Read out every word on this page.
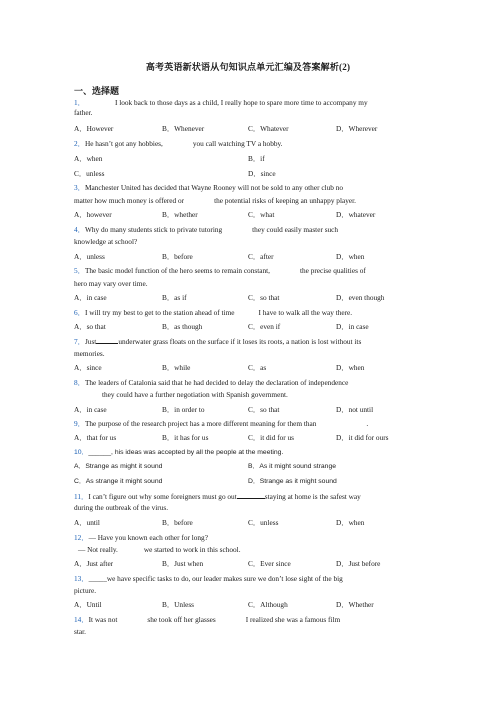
高考英语新状语从句知识点单元汇编及答案解析(2)
一、选择题
1．	I look back to those days as a child, I really hope to spare more time to accompany my
father.
A．However	B．Whenever	C．Whatever	D．Wherever
2．He hasn’t got any hobbies,	you call watching TV a hobby.
A．when	B．if
C．unless	D．since
3．Manchester United has decided that Wayne Rooney will not be sold to any other club no
matter how much money is offered or	the potential risks of keeping an unhappy player.
A．however	B．whether	C．what	D．whatever
4．Why do many students stick to private tutoring	they could easily master such
knowledge at school?
A．unless	B．before	C．after	D．when
5．The basic model function of the hero seems to remain constant,	the precise qualities of
hero may vary over time.
A．in case	B．as if	C．so that	D．even though
6．I will try my best to get to the station ahead of time	I have to walk all the way there.
A．so that	B．as though	C．even if	D．in case
7．Just	underwater grass floats on the surface if it loses its roots, a nation is lost without its
memories.
A．since	B．while	C．as	D．when
8．The leaders of Catalonia said that he had decided to delay the declaration of independence
they could have a further negotiation with Spanish government.
A．in case	B．in order to	C．so that	D．not until
9．The purpose of the research project has a more different meaning for them than	.
A．that for us	B．it has for us	C．it did for us	D．it did for ours
10．______, his ideas was accepted by all the people at the meeting.
A．Strange as might it sound	B．As it might sound strange
C．As strange it might sound	D．Strange as it might sound
11．I can’t figure out why some foreigners must go out	staying at home is the safest way
during the outbreak of the virus.
A．until	B．before	C．unless	D．when
12．— Have you known each other for long?
— Not really.	we started to work in this school.
A．Just after	B．Just when	C．Ever since	D．Just before
13．_____we have specific tasks to do, our leader makes sure we don’t lose sight of the big
picture.
A．Until	B．Unless	C．Although	D．Whether
14．It was not	she took off her glasses	I realized she was a famous film
star.
